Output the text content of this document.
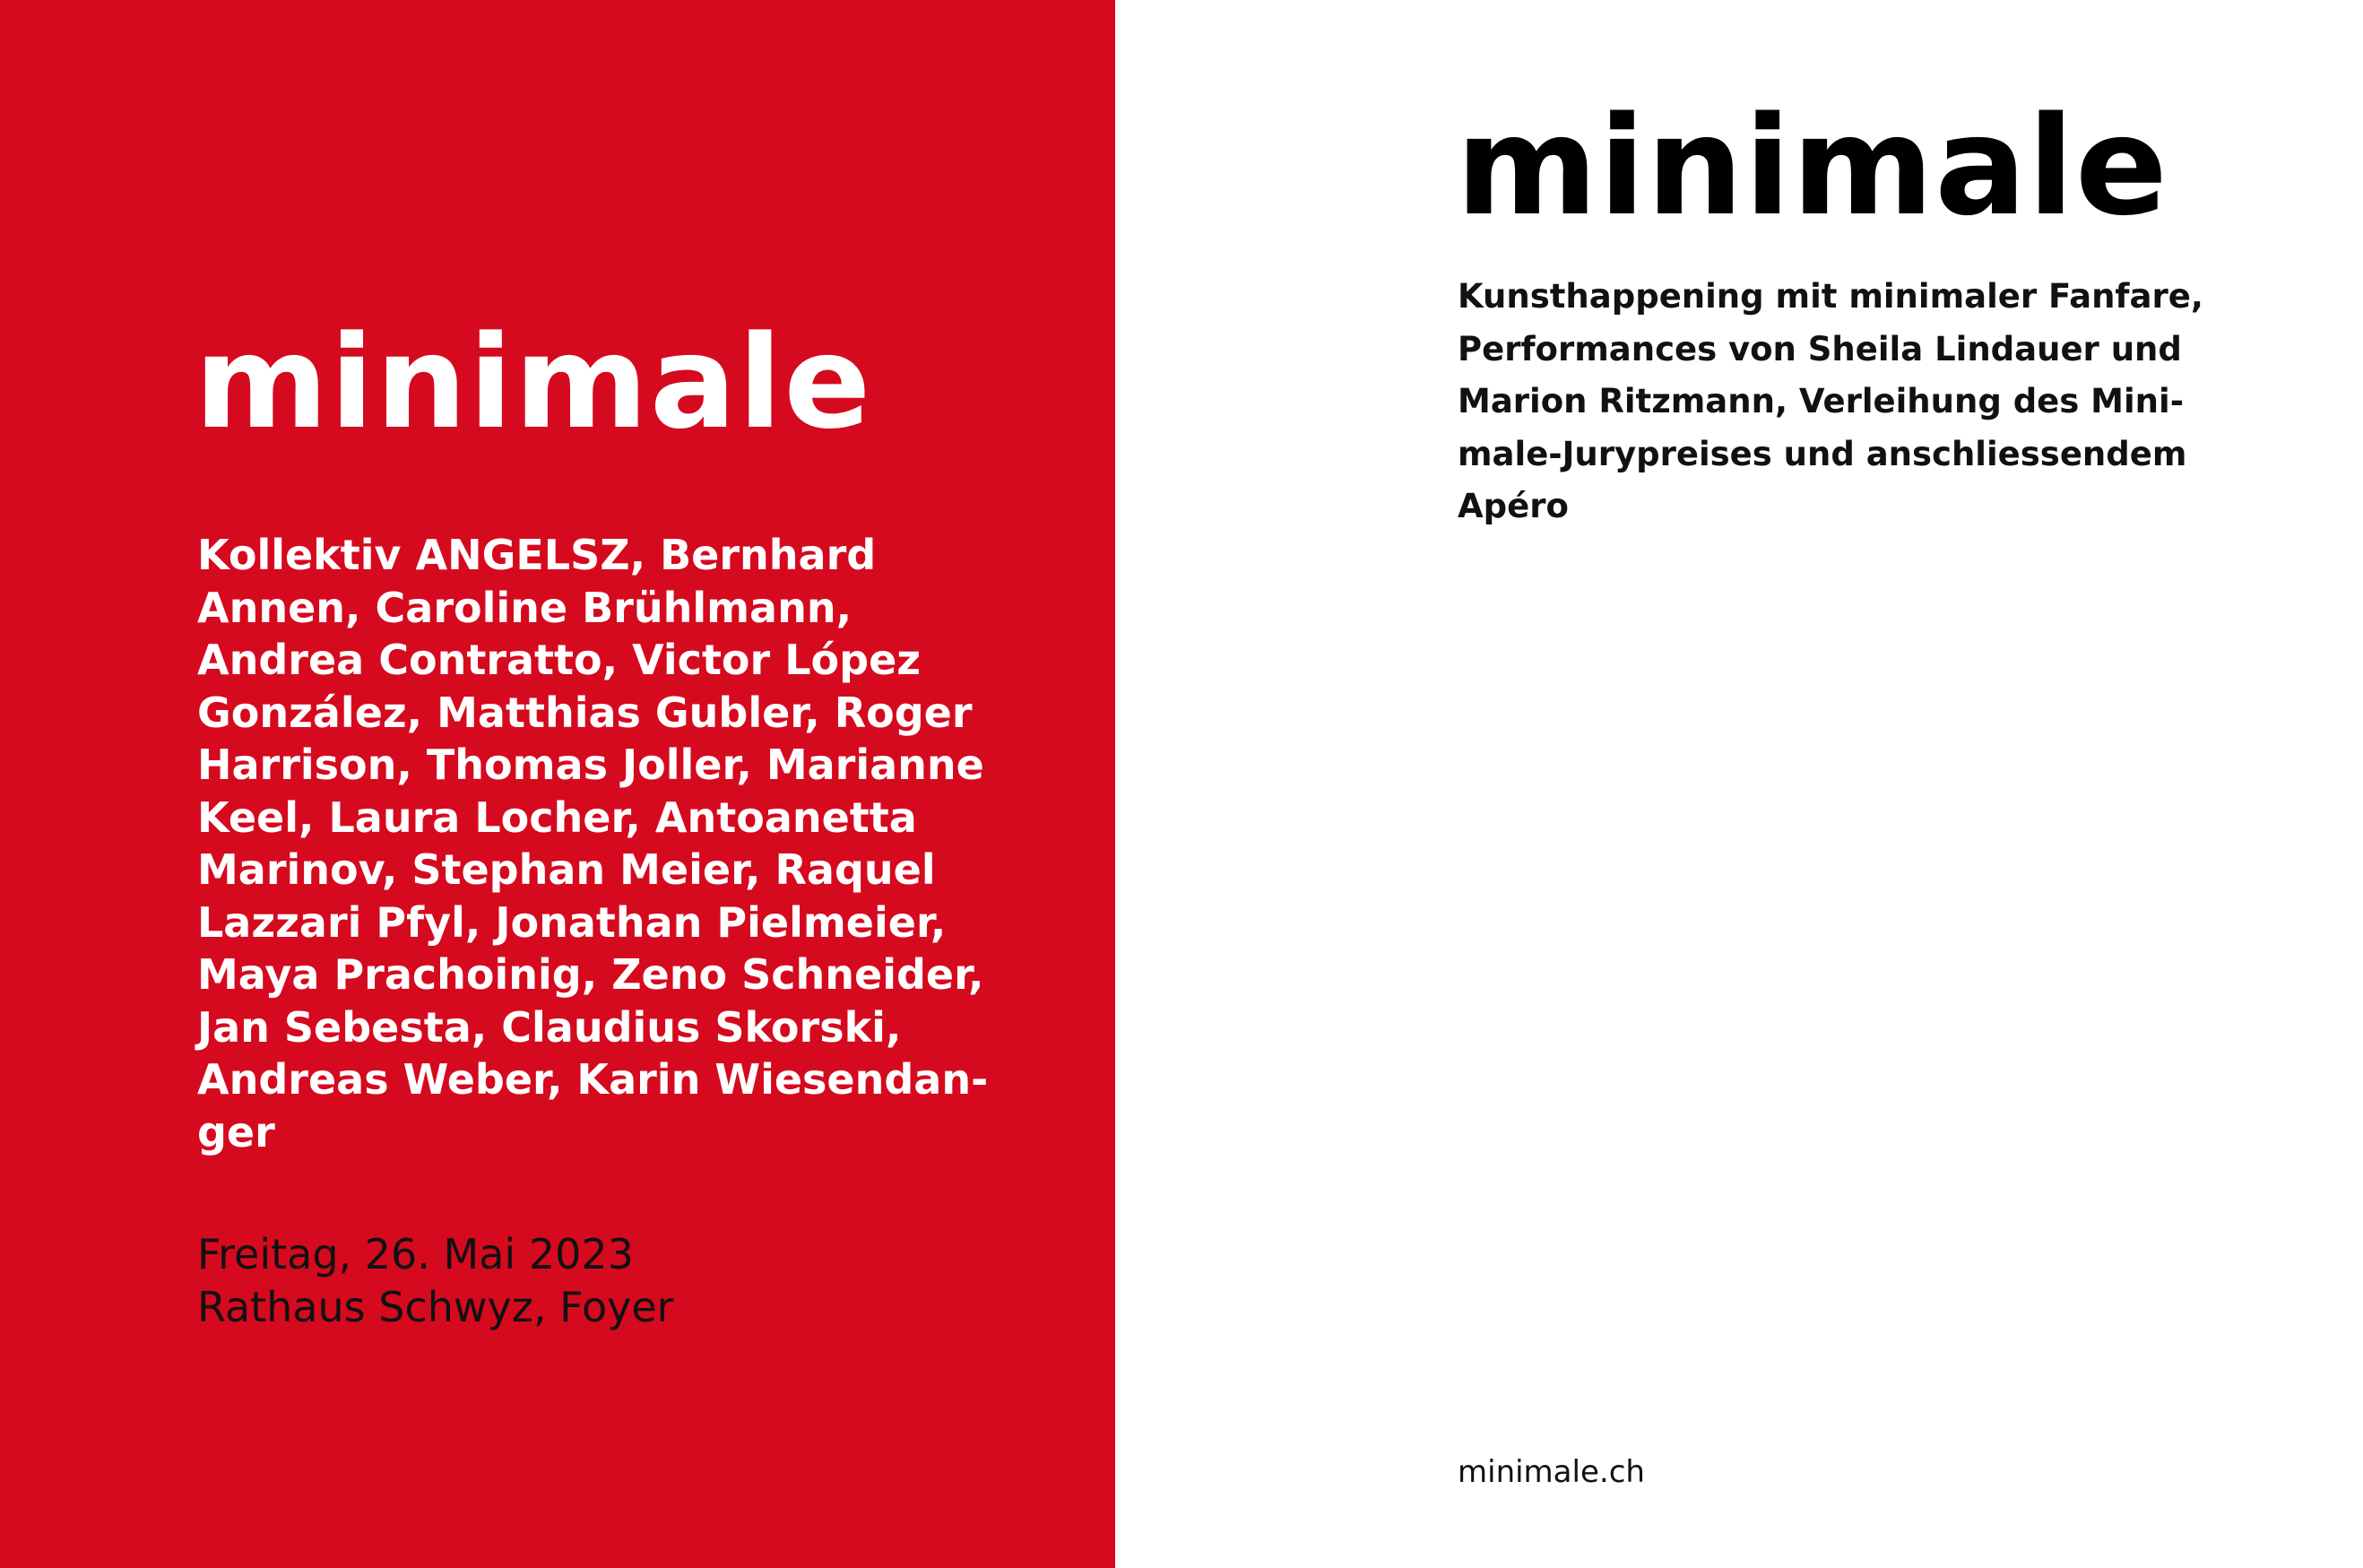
minimale

Kollektiv ANGELSZ, Bernhard
Annen, Caroline Brühlmann,
Andrea Contratto, Victor López
González, Matthias Gubler, Roger
Harrison, Thomas Joller, Marianne
Keel, Laura Locher, Antoanetta
Marinov, Stephan Meier, Raquel
Lazzari Pfyl, Jonathan Pielmeier,
Maya Prachoinig, Zeno Schneider,
Jan Sebesta, Claudius Skorski,
Andreas Weber, Karin Wiesendan-
ger

Freitag, 26. Mai 2023
Rathaus Schwyz, Foyer

minimale

Kunsthappening mit minimaler Fanfare,
Performances von Sheila Lindauer und
Marion Ritzmann, Verleihung des Mini-
male-Jurypreises und anschliessendem
Apéro

minimale.ch
